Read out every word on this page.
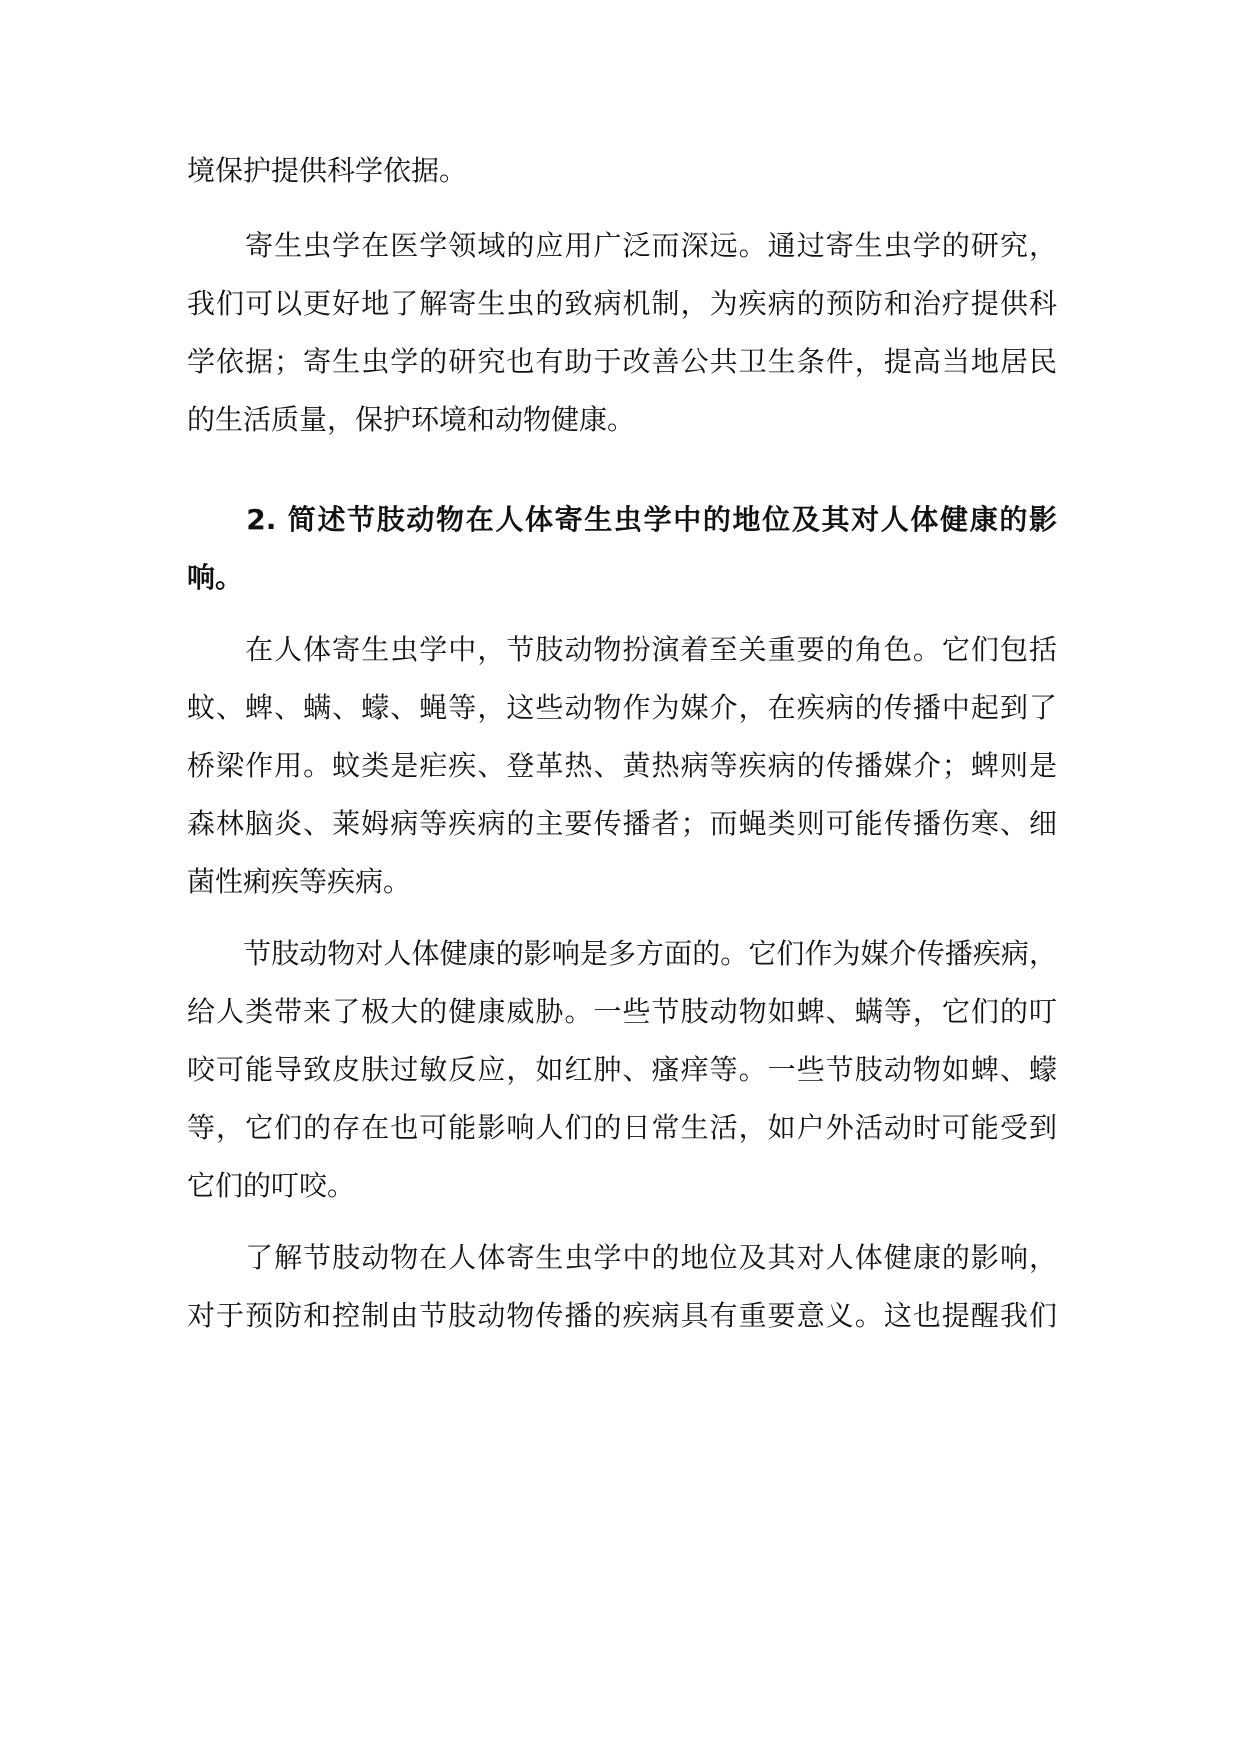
境保护提供科学依据。
　　寄生虫学在医学领域的应用广泛而深远。通过寄生虫学的研究，
我们可以更好地了解寄生虫的致病机制，为疾病的预防和治疗提供科
学依据；寄生虫学的研究也有助于改善公共卫生条件，提高当地居民
的生活质量，保护环境和动物健康。
　　2. 简述节肢动物在人体寄生虫学中的地位及其对人体健康的影
响。
　　在人体寄生虫学中，节肢动物扮演着至关重要的角色。它们包括
蚊、蜱、螨、蠓、蝇等，这些动物作为媒介，在疾病的传播中起到了
桥梁作用。蚊类是疟疾、登革热、黄热病等疾病的传播媒介；蜱则是
森林脑炎、莱姆病等疾病的主要传播者；而蝇类则可能传播伤寒、细
菌性痢疾等疾病。
　　节肢动物对人体健康的影响是多方面的。它们作为媒介传播疾病，
给人类带来了极大的健康威胁。一些节肢动物如蜱、螨等，它们的叮
咬可能导致皮肤过敏反应，如红肿、瘙痒等。一些节肢动物如蜱、蠓
等，它们的存在也可能影响人们的日常生活，如户外活动时可能受到
它们的叮咬。
　　了解节肢动物在人体寄生虫学中的地位及其对人体健康的影响，
对于预防和控制由节肢动物传播的疾病具有重要意义。这也提醒我们
